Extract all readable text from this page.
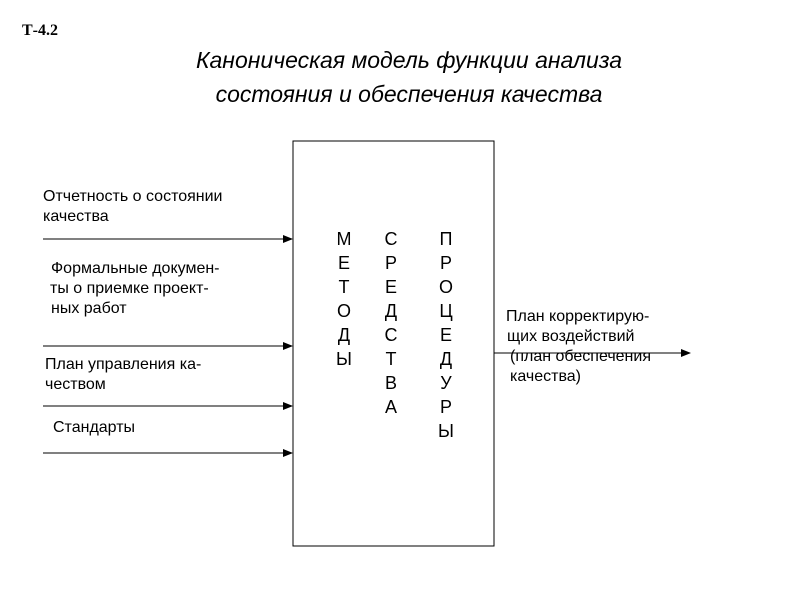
Т-4.2
Каноническая модель функции анализа
состояния и обеспечения качества
Отчетность о состоянии
качества
Формальные докумен-
ты о приемке проект-
ных работ
План управления ка-
чеством
Стандарты
М
Е
Т
О
Д
Ы
С
Р
Е
Д
С
Т
В
А
П
Р
О
Ц
Е
Д
У
Р
Ы
План корректирую-
щих воздействий
(план обеспечения
качества)
